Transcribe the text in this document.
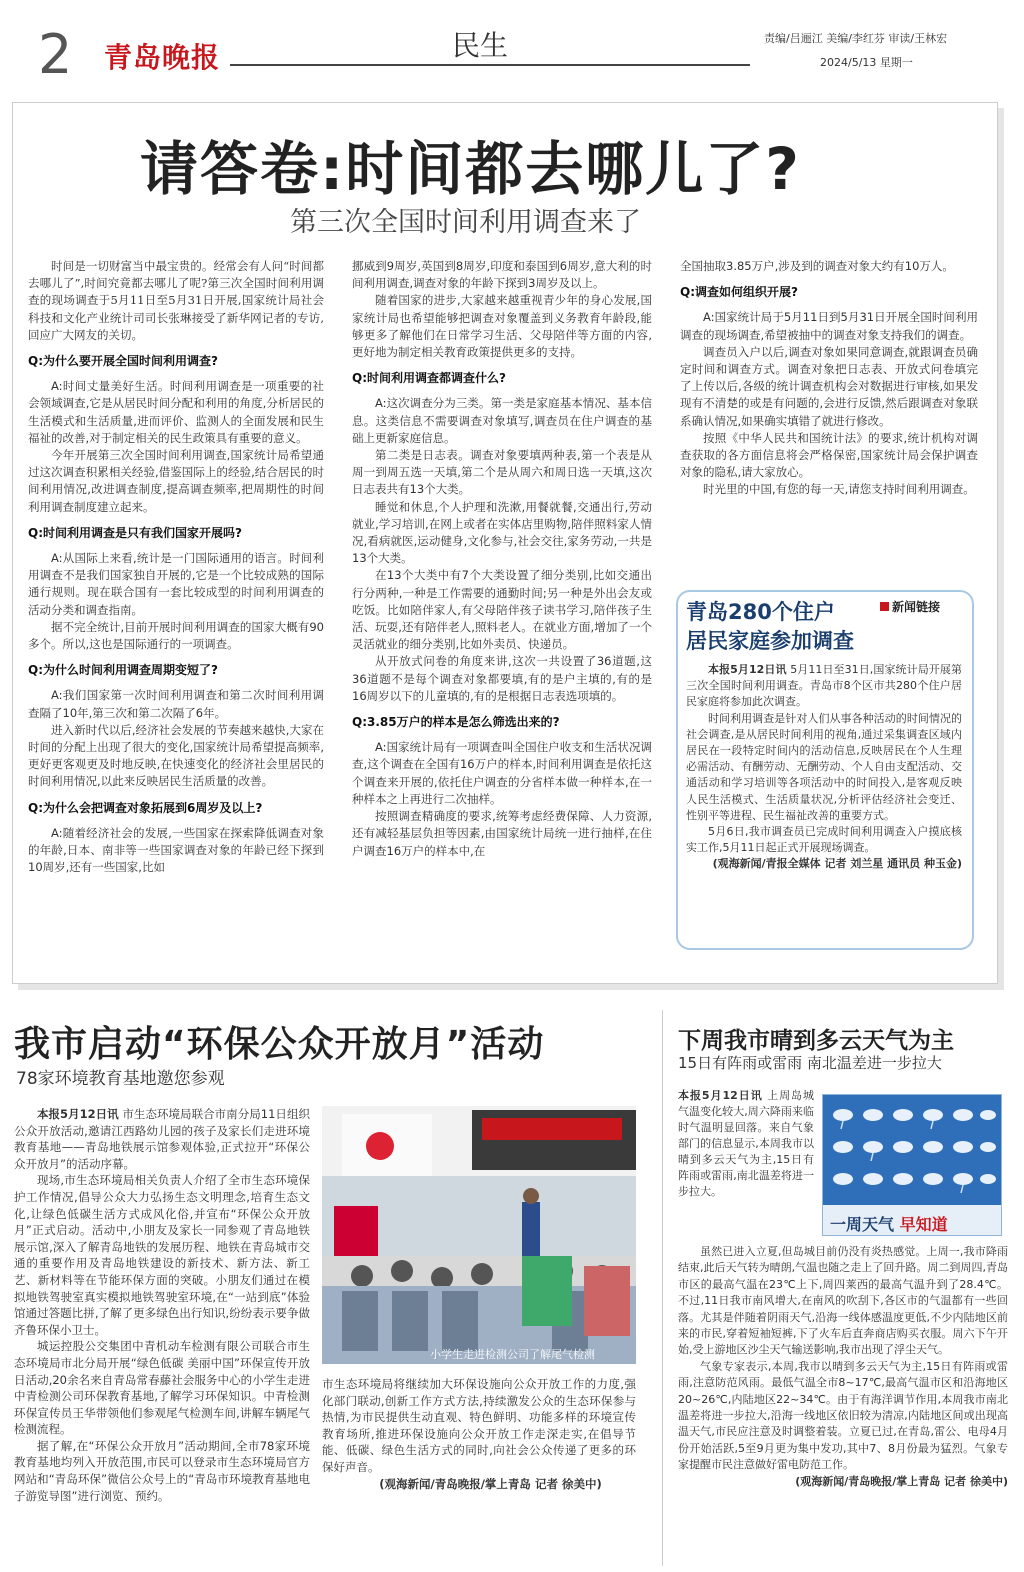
2 青岛晚报	民生	责编/吕逦江 美编/李红芬 审读/王林宏
2024/5/13 星期一
请答卷:时间都去哪儿了?
第三次全国时间利用调查来了

时间是一切财富当中最宝贵的。经常会有人问“时间都去哪儿了”,时间究竟都去哪儿了呢?第三次全国时间利用调查的现场调查于5月11日至5月31日开展,国家统计局社会科技和文化产业统计司司长张琳接受了新华网记者的专访,回应广大网友的关切。

Q:为什么要开展全国时间利用调查?

A:时间丈量美好生活。时间利用调查是一项重要的社会领域调查,它是从居民时间分配和利用的角度,分析居民的生活模式和生活质量,进而评价、监测人的全面发展和民生福祉的改善,对于制定相关的民生政策具有重要的意义。

今年开展第三次全国时间利用调查,国家统计局希望通过这次调查积累相关经验,借鉴国际上的经验,结合居民的时间利用情况,改进调查制度,提高调查频率,把周期性的时间利用调查制度建立起来。

Q:时间利用调查是只有我们国家开展吗?

A:从国际上来看,统计是一门国际通用的语言。时间利用调查不是我们国家独自开展的,它是一个比较成熟的国际通行规则。现在联合国有一套比较成型的时间利用调查的活动分类和调查指南。

据不完全统计,目前开展时间利用调查的国家大概有90多个。所以,这也是国际通行的一项调查。

Q:为什么时间利用调查周期变短了?

A:我们国家第一次时间利用调查和第二次时间利用调查隔了10年,第三次和第二次隔了6年。

进入新时代以后,经济社会发展的节奏越来越快,大家在时间的分配上出现了很大的变化,国家统计局希望提高频率,更好更客观更及时地反映,在快速变化的经济社会里居民的时间利用情况,以此来反映居民生活质量的改善。

Q:为什么会把调查对象拓展到6周岁及以上?

A:随着经济社会的发展,一些国家在探索降低调查对象的年龄,日本、南非等一些国家调查对象的年龄已经下探到10周岁,还有一些国家,比如

挪威到9周岁,英国到8周岁,印度和泰国到6周岁,意大利的时间利用调查,调查对象的年龄下探到3周岁及以上。

随着国家的进步,大家越来越重视青少年的身心发展,国家统计局也希望能够把调查对象覆盖到义务教育年龄段,能够更多了解他们在日常学习生活、父母陪伴等方面的内容,更好地为制定相关教育政策提供更多的支持。

Q:时间利用调查都调查什么?

A:这次调查分为三类。第一类是家庭基本情况、基本信息。这类信息不需要调查对象填写,调查员在住户调查的基础上更新家庭信息。

第二类是日志表。调查对象要填两种表,第一个表是从周一到周五选一天填,第二个是从周六和周日选一天填,这次日志表共有13个大类。

睡觉和休息,个人护理和洗漱,用餐就餐,交通出行,劳动就业,学习培训,在网上或者在实体店里购物,陪伴照料家人情况,看病就医,运动健身,文化参与,社会交往,家务劳动,一共是13个大类。

在13个大类中有7个大类设置了细分类别,比如交通出行分两种,一种是工作需要的通勤时间;另一种是外出会友或吃饭。比如陪伴家人,有父母陪伴孩子读书学习,陪伴孩子生活、玩耍,还有陪伴老人,照料老人。在就业方面,增加了一个灵活就业的细分类别,比如外卖员、快递员。

从开放式问卷的角度来讲,这次一共设置了36道题,这36道题不是每个调查对象都要填,有的是户主填的,有的是16周岁以下的儿童填的,有的是根据日志表选项填的。

Q:3.85万户的样本是怎么筛选出来的?

A:国家统计局有一项调查叫全国住户收支和生活状况调查,这个调查在全国有16万户的样本,时间利用调查是依托这个调查来开展的,依托住户调查的分省样本做一种样本,在一种样本之上再进行二次抽样。

按照调查精确度的要求,统筹考虑经费保障、人力资源,还有减轻基层负担等因素,由国家统计局统一进行抽样,在住户调查16万户的样本中,在

全国抽取3.85万户,涉及到的调查对象大约有10万人。

Q:调查如何组织开展?

A:国家统计局于5月11日到5月31日开展全国时间利用调查的现场调查,希望被抽中的调查对象支持我们的调查。

调查员入户以后,调查对象如果同意调查,就跟调查员确定时间和调查方式。调查对象把日志表、开放式问卷填完了上传以后,各级的统计调查机构会对数据进行审核,如果发现有不清楚的或是有问题的,会进行反馈,然后跟调查对象联系确认情况,如果确实填错了就进行修改。

按照《中华人民共和国统计法》的要求,统计机构对调查获取的各方面信息将会严格保密,国家统计局会保护调查对象的隐私,请大家放心。

时光里的中国,有您的每一天,请您支持时间利用调查。

新闻链接
青岛280个住户
居民家庭参加调查

本报5月12日讯 5月11日至31日,国家统计局开展第三次全国时间利用调查。青岛市8个区市共280个住户居民家庭将参加此次调查。

时间利用调查是针对人们从事各种活动的时间情况的社会调查,是从居民时间利用的视角,通过采集调查区域内居民在一段特定时间内的活动信息,反映居民在个人生理必需活动、有酬劳动、无酬劳动、个人自由支配活动、交通活动和学习培训等各项活动中的时间投入,是客观反映人民生活模式、生活质量状况,分析评估经济社会变迁、性别平等进程、民生福祉改善的重要方式。

5月6日,我市调查员已完成时间利用调查入户摸底核实工作,5月11日起正式开展现场调查。

(观海新闻/青报全媒体 记者 刘兰星 通讯员 种玉金)

我市启动“环保公众开放月”活动
78家环境教育基地邀您参观

本报5月12日讯 市生态环境局联合市南分局11日组织公众开放活动,邀请江西路幼儿园的孩子及家长们走进环境教育基地——青岛地铁展示馆参观体验,正式拉开“环保公众开放月”的活动序幕。

现场,市生态环境局相关负责人介绍了全市生态环境保护工作情况,倡导公众大力弘扬生态文明理念,培育生态文化,让绿色低碳生活方式成风化俗,并宣布“环保公众开放月”正式启动。活动中,小朋友及家长一同参观了青岛地铁展示馆,深入了解青岛地铁的发展历程、地铁在青岛城市交通的重要作用及青岛地铁建设的新技术、新方法、新工艺、新材料等在节能环保方面的突破。小朋友们通过在模拟地铁驾驶室真实模拟地铁驾驶室环境,在“一站到底”体验馆通过答题比拼,了解了更多绿色出行知识,纷纷表示要争做齐鲁环保小卫士。

城运控股公交集团中青机动车检测有限公司联合市生态环境局市北分局开展“绿色低碳 美丽中国”环保宣传开放日活动,20余名来自青岛常春藤社会服务中心的小学生走进中青检测公司环保教育基地,了解学习环保知识。中青检测环保宣传员王华带领他们参观尾气检测车间,讲解车辆尾气检测流程。

据了解,在“环保公众开放月”活动期间,全市78家环境教育基地均列入开放范围,市民可以登录市生态环境局官方网站和“青岛环保”微信公众号上的“青岛市环境教育基地电子游览导图”进行浏览、预约。

小学生走进检测公司了解尾气检测

市生态环境局将继续加大环保设施向公众开放工作的力度,强化部门联动,创新工作方式方法,持续激发公众的生态环保参与热情,为市民提供生动直观、特色鲜明、功能多样的环境宣传教育场所,推进环保设施向公众开放工作走深走实,在倡导节能、低碳、绿色生活方式的同时,向社会公众传递了更多的环保好声音。

(观海新闻/青岛晚报/掌上青岛 记者 徐美中)

下周我市晴到多云天气为主
15日有阵雨或雷雨 南北温差进一步拉大
一周天气 早知道

本报5月12日讯 上周岛城气温变化较大,周六降雨来临时气温明显回落。来自气象部门的信息显示,本周我市以晴到多云天气为主,15日有阵雨或雷雨,南北温差将进一步拉大。

虽然已进入立夏,但岛城目前仍没有炎热感觉。上周一,我市降雨结束,此后天气转为晴朗,气温也随之走上了回升路。周二到周四,青岛市区的最高气温在23℃上下,周四莱西的最高气温升到了28.4℃。不过,11日我市南风增大,在南风的吹刮下,各区市的气温都有一些回落。尤其是伴随着阴雨天气,沿海一线体感温度更低,不少内陆地区前来的市民,穿着短袖短裤,下了火车后直奔商店购买衣服。周六下午开始,受上游地区沙尘天气输送影响,我市出现了浮尘天气。

气象专家表示,本周,我市以晴到多云天气为主,15日有阵雨或雷雨,注意防范风雨。最低气温全市8~17℃,最高气温市区和沿海地区20~26℃,内陆地区22~34℃。由于有海洋调节作用,本周我市南北温差将进一步拉大,沿海一线地区依旧较为清凉,内陆地区间或出现高温天气,市民应注意及时调整着装。立夏已过,在青岛,雷公、电母4月份开始活跃,5至9月更为集中发功,其中7、8月份最为猛烈。气象专家提醒市民注意做好雷电防范工作。

(观海新闻/青岛晚报/掌上青岛 记者 徐美中)
